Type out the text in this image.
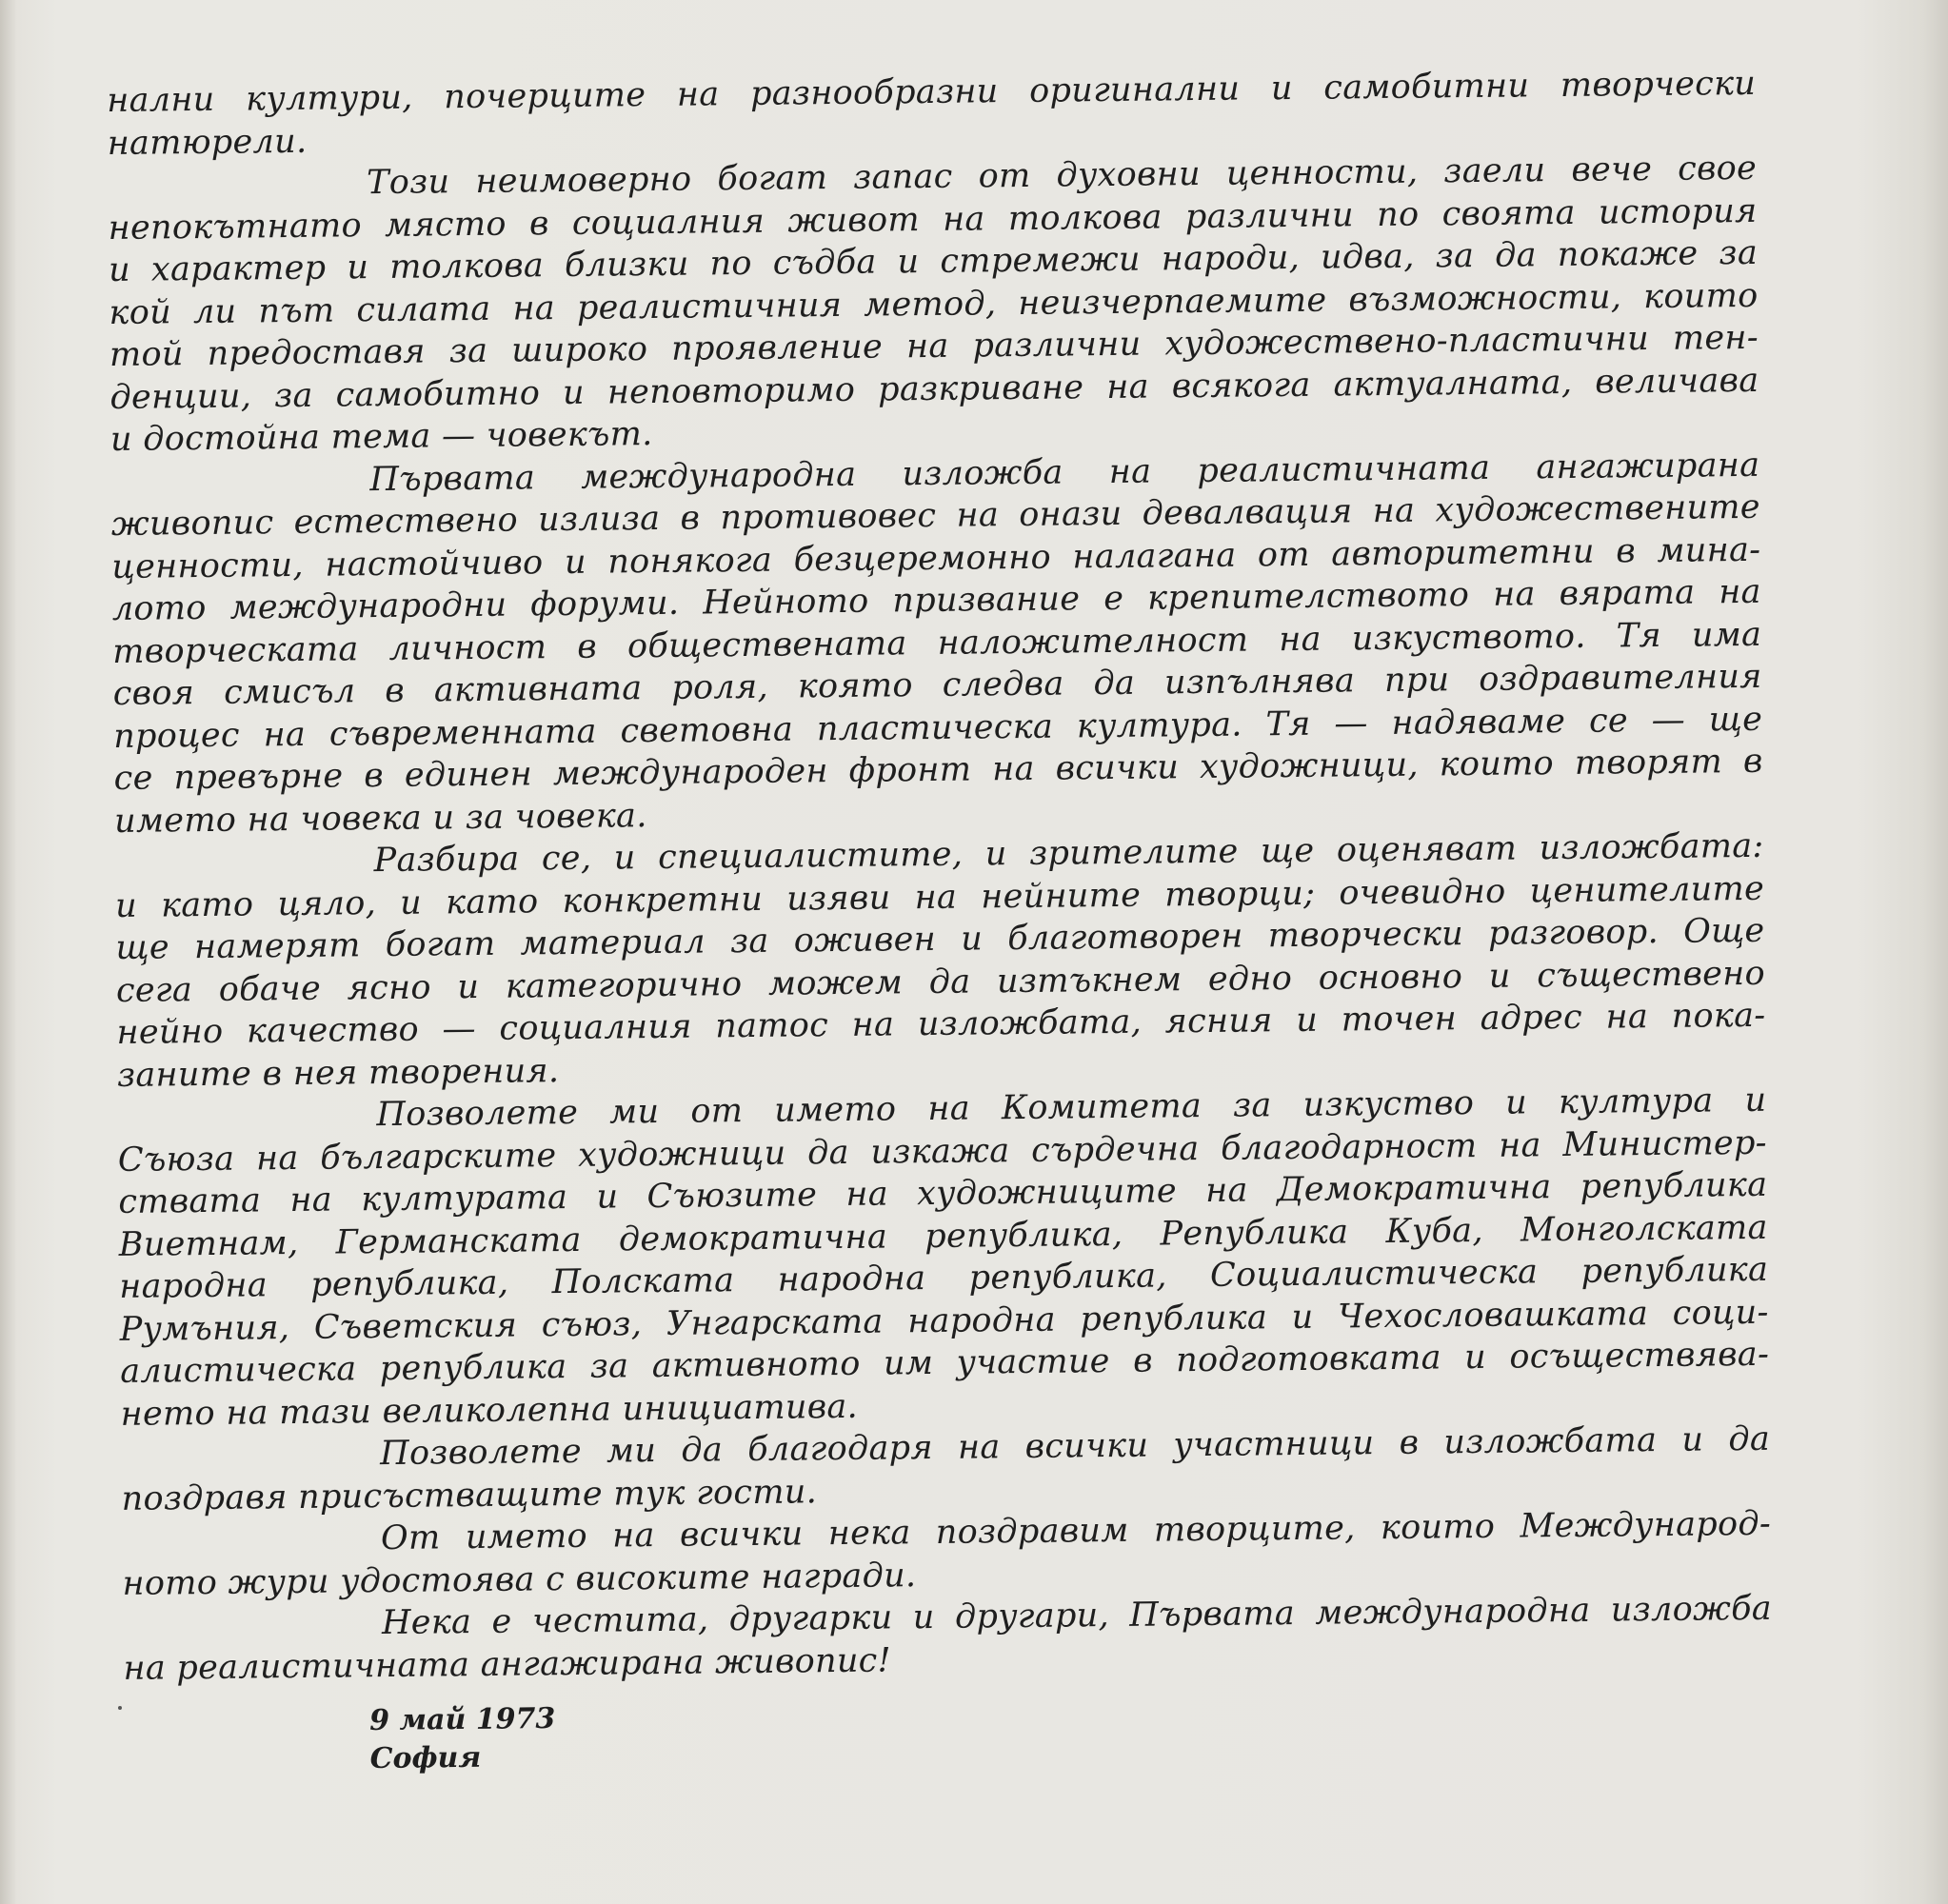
нални култури, почерците на разнообразни оригинални и самобитни творчески
натюрели.
Този неимоверно богат запас от духовни ценности, заели вече свое
непокътнато място в социалния живот на толкова различни по своята история
и характер и толкова близки по съдба и стремежи народи, идва, за да покаже за
кой ли път силата на реалистичния метод, неизчерпаемите възможности, които
той предоставя за широко проявление на различни художествено-пластични тен-
денции, за самобитно и неповторимо разкриване на всякога актуалната, величава
и достойна тема — човекът.
Първата международна изложба на реалистичната ангажирана
живопис естествено излиза в противовес на онази девалвация на художествените
ценности, настойчиво и понякога безцеремонно налагана от авторитетни в мина-
лото международни форуми. Нейното призвание е крепителството на вярата на
творческата личност в обществената наложителност на изкуството. Тя има
своя смисъл в активната роля, която следва да изпълнява при оздравителния
процес на съвременната световна пластическа култура. Тя — надяваме се — ще
се превърне в единен международен фронт на всички художници, които творят в
името на човека и за човека.
Разбира се, и специалистите, и зрителите ще оценяват изложбата:
и като цяло, и като конкретни изяви на нейните творци; очевидно ценителите
ще намерят богат материал за оживен и благотворен творчески разговор. Още
сега обаче ясно и категорично можем да изтъкнем едно основно и съществено
нейно качество — социалния патос на изложбата, ясния и точен адрес на пока-
заните в нея творения.
Позволете ми от името на Комитета за изкуство и култура и
Съюза на българските художници да изкажа сърдечна благодарност на Министер-
ствата на културата и Съюзите на художниците на Демократична република
Виетнам, Германската демократична република, Република Куба, Монголската
народна република, Полската народна република, Социалистическа република
Румъния, Съветския съюз, Унгарската народна република и Чехословашката соци-
алистическа република за активното им участие в подготовката и осъществява-
нето на тази великолепна инициатива.
Позволете ми да благодаря на всички участници в изложбата и да
поздравя присъстващите тук гости.
От името на всички нека поздравим творците, които Международ-
ното жури удостоява с високите награди.
Нека е честита, другарки и другари, Първата международна изложба
на реалистичната ангажирана живопис!
9 май 1973
София
